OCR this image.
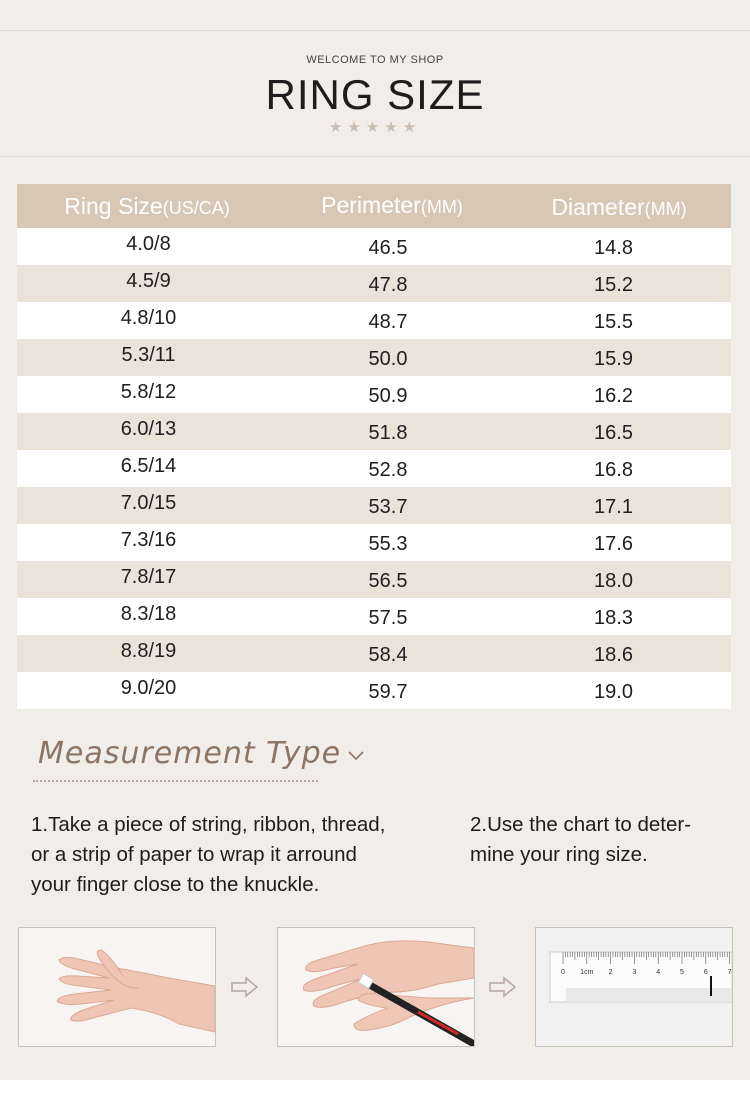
WELCOME TO MY SHOP
RING SIZE
★★★★★
Ring Size(US/CA)	Perimeter(MM)	Diameter(MM)
4.0/8	46.5	14.8
4.5/9	47.8	15.2
4.8/10	48.7	15.5
5.3/11	50.0	15.9
5.8/12	50.9	16.2
6.0/13	51.8	16.5
6.5/14	52.8	16.8
7.0/15	53.7	17.1
7.3/16	55.3	17.6
7.8/17	56.5	18.0
8.3/18	57.5	18.3
8.8/19	58.4	18.6
9.0/20	59.7	19.0
Measurement Type
1.Take a piece of string, ribbon, thread,
or a strip of paper to wrap it arround
your finger close to the knuckle.
2.Use the chart to deter-
mine your ring size.
0 1cm 2	3	4	5	6	7
